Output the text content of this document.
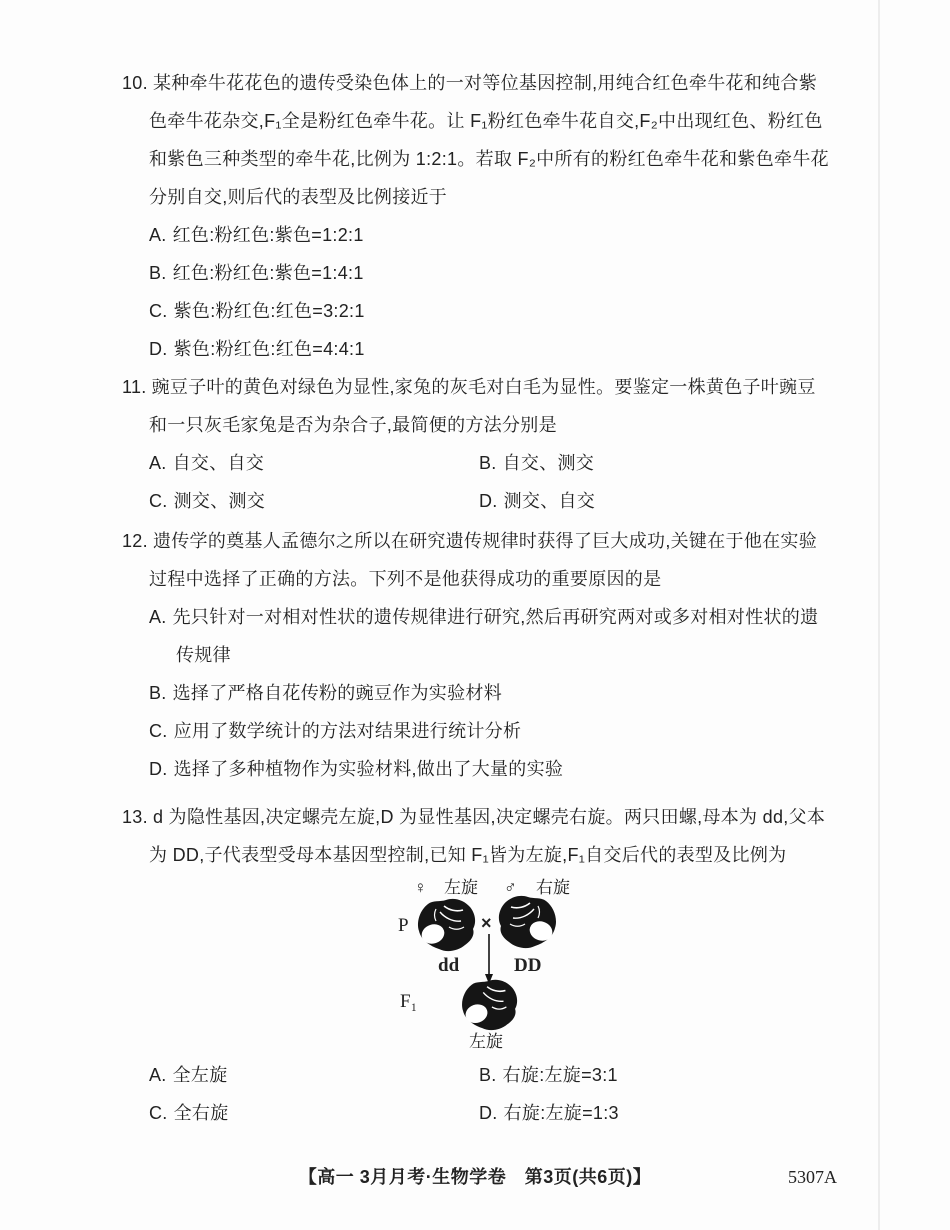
10. 某种牵牛花花色的遗传受染色体上的一对等位基因控制,用纯合红色牵牛花和纯合紫色牵牛花杂交,F₁全是粉红色牵牛花。让 F₁粉红色牵牛花自交,F₂中出现红色、粉红色和紫色三种类型的牵牛花,比例为 1:2:1。若取 F₂中所有的粉红色牵牛花和紫色牵牛花分别自交,则后代的表型及比例接近于

A. 红色:粉红色:紫色=1:2:1

B. 红色:粉红色:紫色=1:4:1

C. 紫色:粉红色:红色=3:2:1

D. 紫色:粉红色:红色=4:4:1

11. 豌豆子叶的黄色对绿色为显性,家兔的灰毛对白毛为显性。要鉴定一株黄色子叶豌豆和一只灰毛家兔是否为杂合子,最简便的方法分别是

A. 自交、自交	B. 自交、测交

C. 测交、测交	D. 测交、自交

12. 遗传学的奠基人孟德尔之所以在研究遗传规律时获得了巨大成功,关键在于他在实验过程中选择了正确的方法。下列不是他获得成功的重要原因的是

A. 先只针对一对相对性状的遗传规律进行研究,然后再研究两对或多对相对性状的遗传规律

B. 选择了严格自花传粉的豌豆作为实验材料

C. 应用了数学统计的方法对结果进行统计分析

D. 选择了多种植物作为实验材料,做出了大量的实验

13. d 为隐性基因,决定螺壳左旋,D 为显性基因,决定螺壳右旋。两只田螺,母本为 dd,父本为 DD,子代表型受母本基因型控制,已知 F₁皆为左旋,F₁自交后代的表型及比例为

♀ 左旋 ♂ 右旋
P	×
dd	DD
F₁
左旋

A. 全左旋	B. 右旋:左旋=3:1

C. 全右旋	D. 右旋:左旋=1:3

【高一 3月月考·生物学卷　第3页(共6页)】	5307A
